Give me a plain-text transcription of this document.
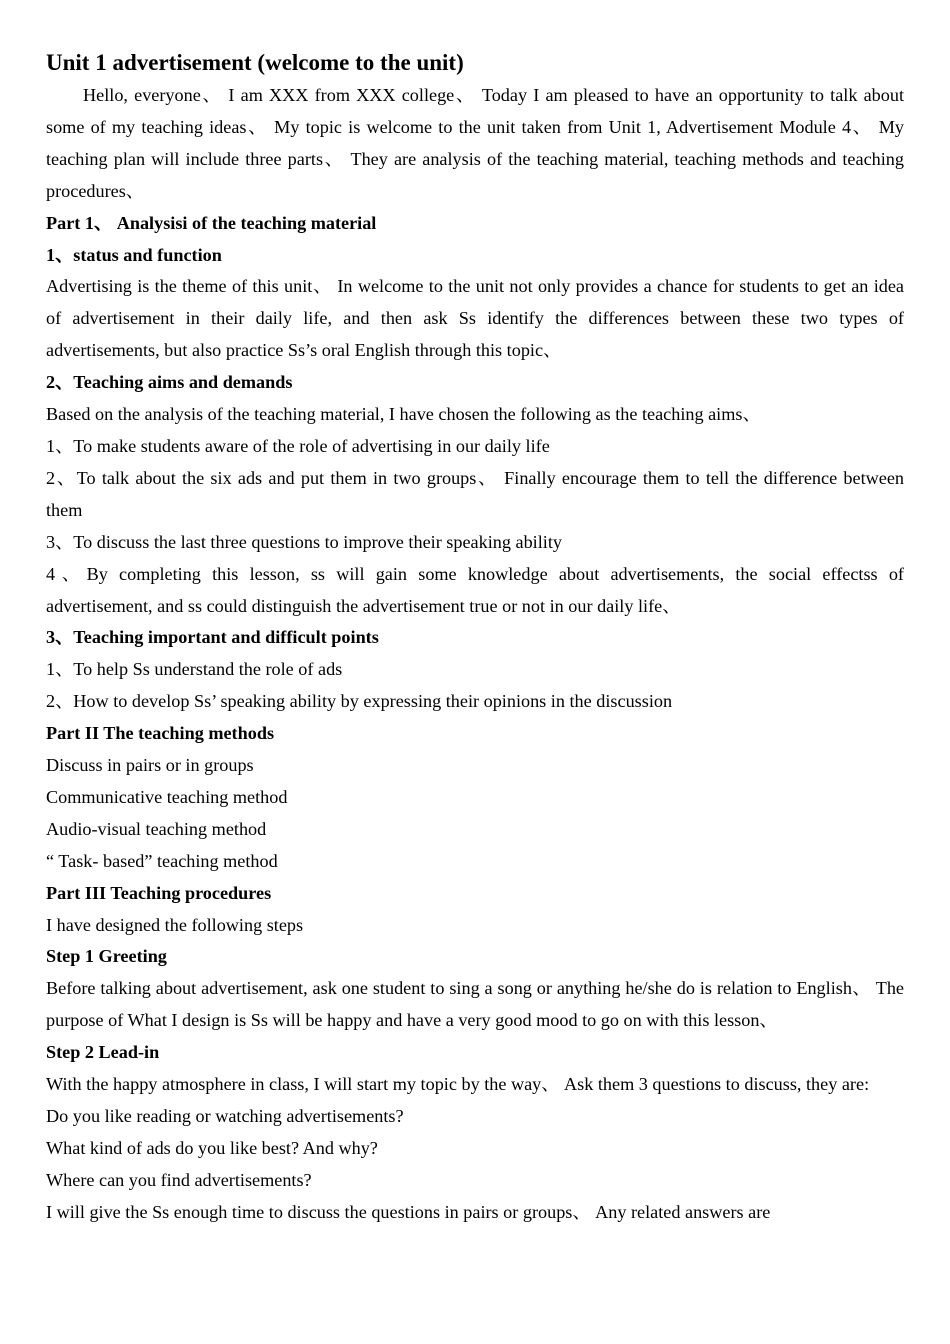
Unit 1 advertisement (welcome to the unit)

Hello, everyone、 I am XXX from XXX college、 Today I am pleased to have an opportunity to talk about some of my teaching ideas、 My topic is welcome to the unit taken from Unit 1, Advertisement Module 4、 My teaching plan will include three parts、 They are analysis of the teaching material, teaching methods and teaching procedures、

Part 1、 Analysisi of the teaching material

1、status and function

Advertising is the theme of this unit、 In welcome to the unit not only provides a chance for students to get an idea of advertisement in their daily life, and then ask Ss identify the differences between these two types of advertisements, but also practice Ss’s oral English through this topic、

2、Teaching aims and demands

Based on the analysis of the teaching material, I have chosen the following as the teaching aims、

1、To make students aware of the role of advertising in our daily life

2、To talk about the six ads and put them in two groups、 Finally encourage them to tell the difference between them

3、To discuss the last three questions to improve their speaking ability

4、By completing this lesson, ss will gain some knowledge about advertisements, the social effectss of advertisement, and ss could distinguish the advertisement true or not in our daily life、

3、Teaching important and difficult points

1、To help Ss understand the role of ads

2、How to develop Ss’ speaking ability by expressing their opinions in the discussion

Part II The teaching methods

Discuss in pairs or in groups

Communicative teaching method

Audio-visual teaching method

“ Task- based” teaching method

Part III Teaching procedures

I have designed the following steps

Step 1 Greeting

Before talking about advertisement, ask one student to sing a song or anything he/she do is relation to English、 The purpose of What I design is Ss will be happy and have a very good mood to go on with this lesson、

Step 2 Lead-in

With the happy atmosphere in class, I will start my topic by the way、 Ask them 3 questions to discuss, they are:

Do you like reading or watching advertisements?

What kind of ads do you like best? And why?

Where can you find advertisements?

I will give the Ss enough time to discuss the questions in pairs or groups、 Any related answers are
